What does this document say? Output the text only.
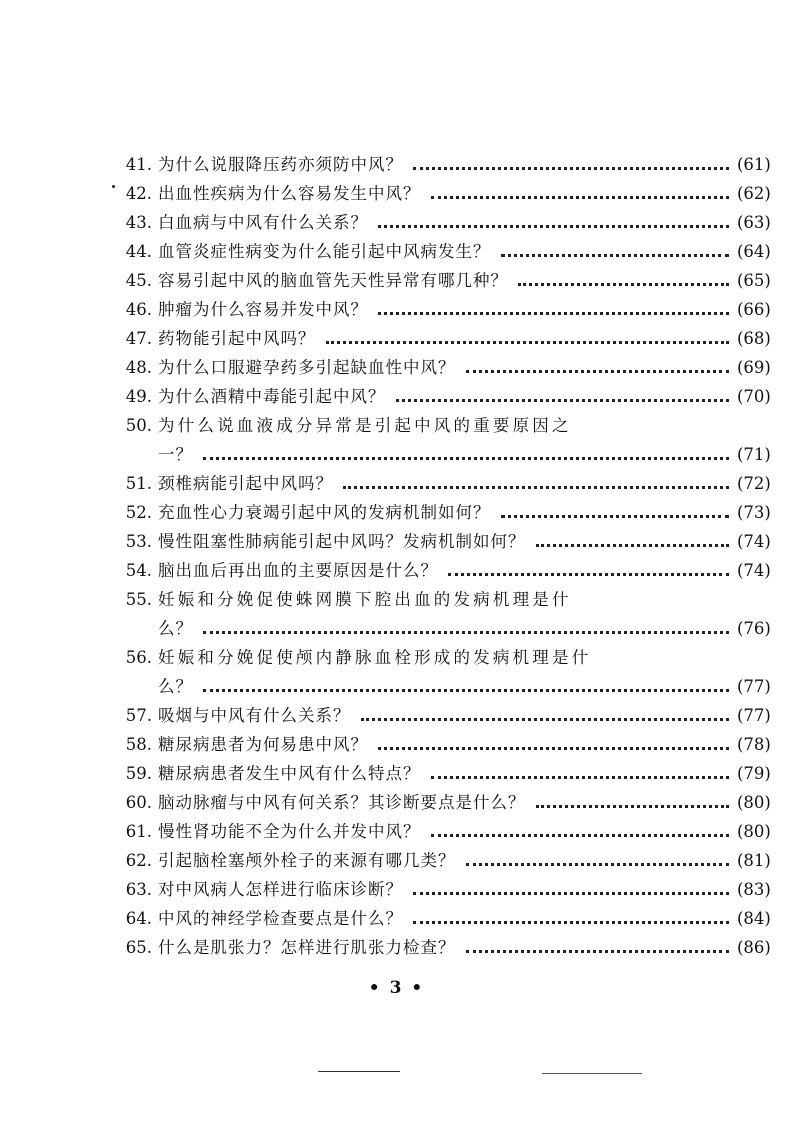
41. 为什么说服降压药亦须防中风？	(61)
42. 出血性疾病为什么容易发生中风？	(62)
43. 白血病与中风有什么关系？	(63)
44. 血管炎症性病变为什么能引起中风病发生？	(64)
45. 容易引起中风的脑血管先天性异常有哪几种？	(65)
46. 肿瘤为什么容易并发中风？	(66)
47. 药物能引起中风吗？	(68)
48. 为什么口服避孕药多引起缺血性中风？	(69)
49. 为什么酒精中毒能引起中风？	(70)
50. 为什么说血液成分异常是引起中风的重要原因之
一？	(71)
51. 颈椎病能引起中风吗？	(72)
52. 充血性心力衰竭引起中风的发病机制如何？	(73)
53. 慢性阻塞性肺病能引起中风吗？发病机制如何？	(74)
54. 脑出血后再出血的主要原因是什么？	(74)
55. 妊娠和分娩促使蛛网膜下腔出血的发病机理是什
么？	(76)
56. 妊娠和分娩促使颅内静脉血栓形成的发病机理是什
么？	(77)
57. 吸烟与中风有什么关系？	(77)
58. 糖尿病患者为何易患中风？	(78)
59. 糖尿病患者发生中风有什么特点？	(79)
60. 脑动脉瘤与中风有何关系？其诊断要点是什么？	(80)
61. 慢性肾功能不全为什么并发中风？	(80)
62. 引起脑栓塞颅外栓子的来源有哪几类？	(81)
63. 对中风病人怎样进行临床诊断？	(83)
64. 中风的神经学检查要点是什么？	(84)
65. 什么是肌张力？怎样进行肌张力检查？	(86)
• 3 •
